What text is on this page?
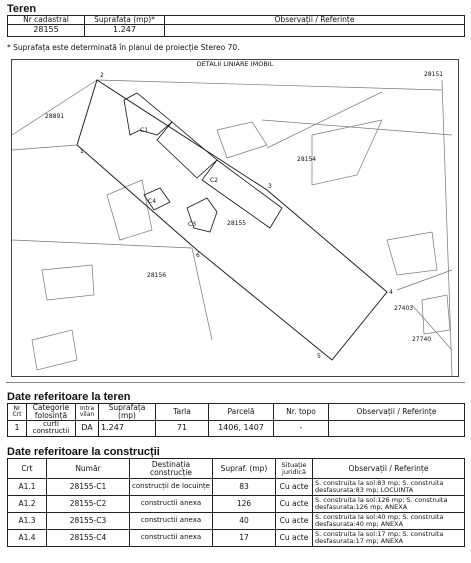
Teren
Nr cadastral	Suprafața (mp)*	Observații / Referințe
28155	1.247	
* Suprafața este determinată în planul de proiecție Stereo 70.
DETALII LINIARE IMOBIL
C1
C2
C3
C4
28155
28891
28154
28156
27403
27740
28151
1
2
3
4
5
6
Date referitoare la teren
Nr Crt	Categorie folosință	Intra vilan	Suprafața (mp)	Tarla	Parcelă	Nr. topo	Observații / Referințe
1	curti constructii	DA	1.247	71	1406, 1407	-	
Date referitoare la construcții
Crt	Număr	Destinația construcție	Supraf. (mp)	Situație juridică	Observații / Referințe
A1.1	28155-C1	construcții de locuințe	83	Cu acte	S. construita la sol:83 mp; S. construita desfasurata:83 mp; LOCUINTA
A1.2	28155-C2	constructii anexa	126	Cu acte	S. construita la sol:126 mp; S. construita desfasurata:126 mp; ANEXA
A1.3	28155-C3	constructii anexa	40	Cu acte	S. construita la sol:40 mp; S. construita desfasurata:40 mp; ANEXA
A1.4	28155-C4	constructii anexa	17	Cu acte	S. construita la sol:17 mp; S. construita desfasurata:17 mp; ANEXA
